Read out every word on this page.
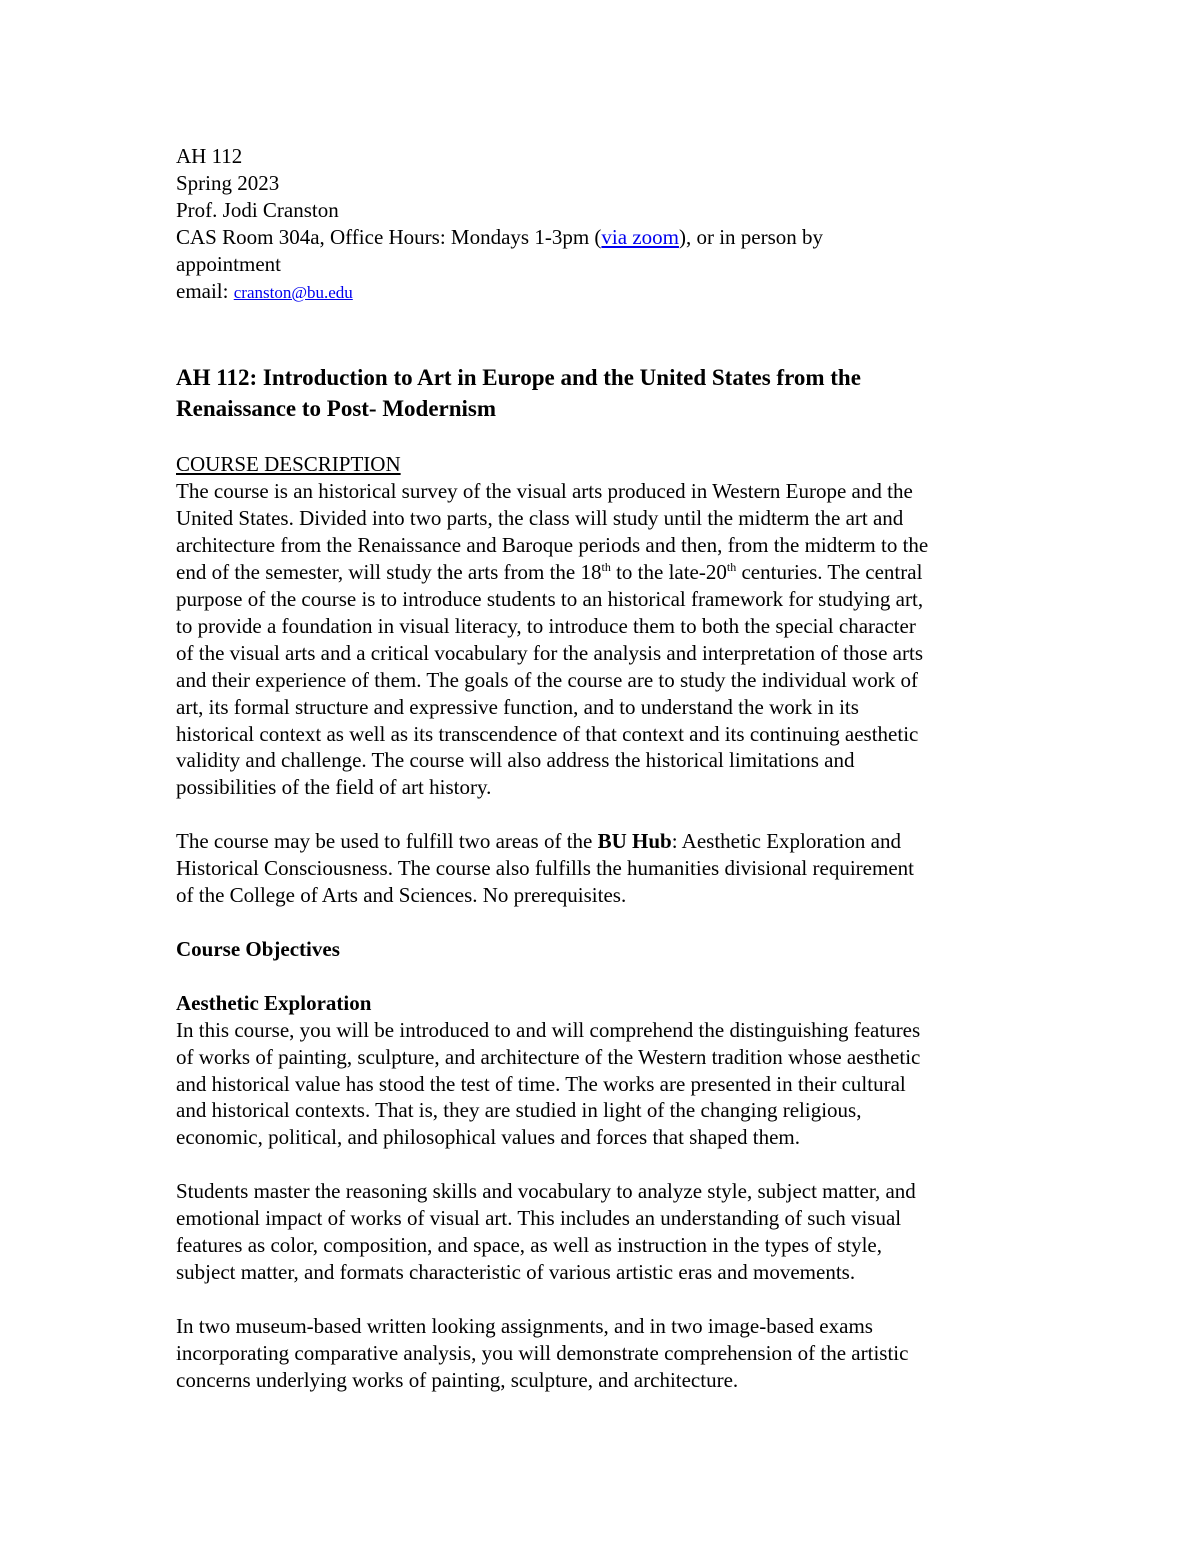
AH 112
Spring 2023
Prof. Jodi Cranston
CAS Room 304a, Office Hours: Mondays 1-3pm (via zoom), or in person by
appointment
email: cranston@bu.edu
AH 112: Introduction to Art in Europe and the United States from the
Renaissance to Post- Modernism
COURSE DESCRIPTION
The course is an historical survey of the visual arts produced in Western Europe and the
United States. Divided into two parts, the class will study until the midterm the art and
architecture from the Renaissance and Baroque periods and then, from the midterm to the
end of the semester, will study the arts from the 18th to the late-20th centuries. The central
purpose of the course is to introduce students to an historical framework for studying art,
to provide a foundation in visual literacy, to introduce them to both the special character
of the visual arts and a critical vocabulary for the analysis and interpretation of those arts
and their experience of them. The goals of the course are to study the individual work of
art, its formal structure and expressive function, and to understand the work in its
historical context as well as its transcendence of that context and its continuing aesthetic
validity and challenge. The course will also address the historical limitations and
possibilities of the field of art history.
The course may be used to fulfill two areas of the BU Hub: Aesthetic Exploration and
Historical Consciousness. The course also fulfills the humanities divisional requirement
of the College of Arts and Sciences. No prerequisites.
Course Objectives
Aesthetic Exploration
In this course, you will be introduced to and will comprehend the distinguishing features
of works of painting, sculpture, and architecture of the Western tradition whose aesthetic
and historical value has stood the test of time. The works are presented in their cultural
and historical contexts. That is, they are studied in light of the changing religious,
economic, political, and philosophical values and forces that shaped them.
Students master the reasoning skills and vocabulary to analyze style, subject matter, and
emotional impact of works of visual art. This includes an understanding of such visual
features as color, composition, and space, as well as instruction in the types of style,
subject matter, and formats characteristic of various artistic eras and movements.
In two museum-based written looking assignments, and in two image-based exams
incorporating comparative analysis, you will demonstrate comprehension of the artistic
concerns underlying works of painting, sculpture, and architecture.
